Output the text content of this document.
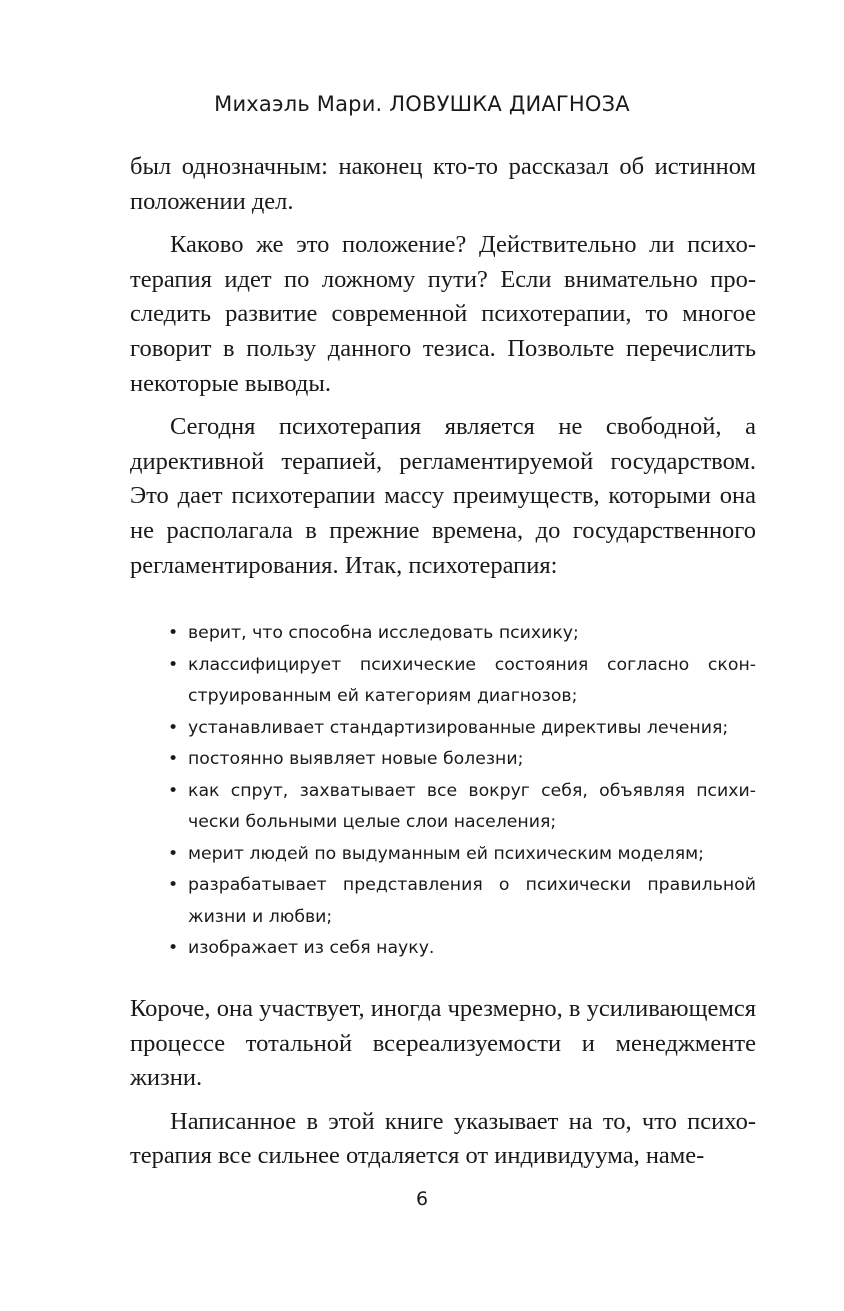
Михаэль Мари. ЛОВУШКА ДИАГНОЗА

был однозначным: наконец кто-то рассказал об истинном положении дел.

Каково же это положение? Действительно ли психотерапия идет по ложному пути? Если внимательно проследить развитие современной психотерапии, то многое говорит в пользу данного тезиса. Позвольте перечислить некоторые выводы.

Сегодня психотерапия является не свободной, а директивной терапией, регламентируемой государством. Это дает психотерапии массу преимуществ, которыми она не располагала в прежние времена, до государственного регламентирования. Итак, психотерапия:

• верит, что способна исследовать психику;
• классифицирует психические состояния согласно сконструированным ей категориям диагнозов;
• устанавливает стандартизированные директивы лечения;
• постоянно выявляет новые болезни;
• как спрут, захватывает все вокруг себя, объявляя психически больными целые слои населения;
• мерит людей по выдуманным ей психическим моделям;
• разрабатывает представления о психически правильной жизни и любви;
• изображает из себя науку.

Короче, она участвует, иногда чрезмерно, в усиливающемся процессе тотальной всереализуемости и менеджменте жизни.

Написанное в этой книге указывает на то, что психотерапия все сильнее отдаляется от индивидуума, наме-

6
